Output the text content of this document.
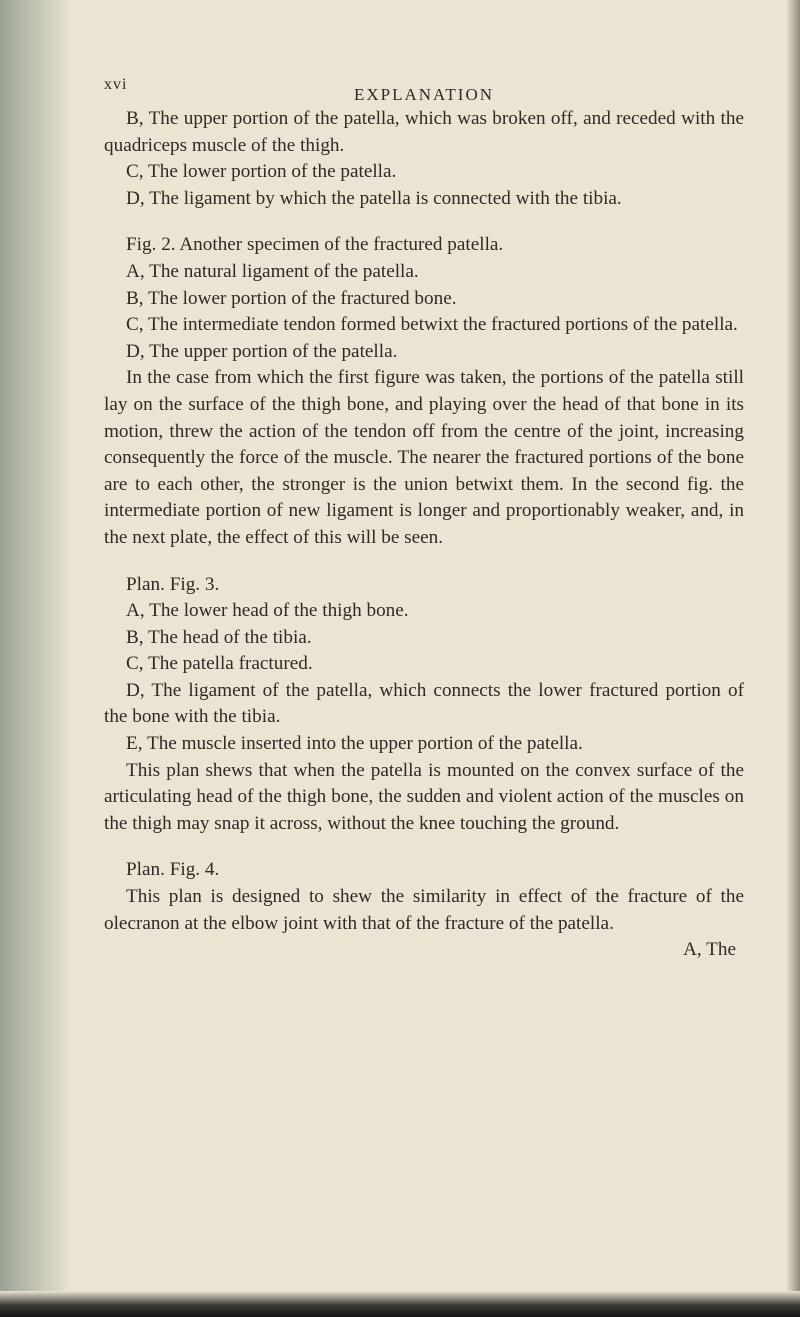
xvi
EXPLANATION

B, The upper portion of the patella, which was broken off, and receded with the quadriceps muscle of the thigh.

C, The lower portion of the patella.

D, The ligament by which the patella is connected with the tibia.

Fig. 2. Another specimen of the fractured patella.

A, The natural ligament of the patella.

B, The lower portion of the fractured bone.

C, The intermediate tendon formed betwixt the fractured portions of the patella.

D, The upper portion of the patella.

In the case from which the first figure was taken, the portions of the patella still lay on the surface of the thigh bone, and playing over the head of that bone in its motion, threw the action of the tendon off from the centre of the joint, increasing consequently the force of the muscle. The nearer the fractured portions of the bone are to each other, the stronger is the union betwixt them. In the second fig. the intermediate portion of new ligament is longer and proportionably weaker, and, in the next plate, the effect of this will be seen.

Plan. Fig. 3.

A, The lower head of the thigh bone.

B, The head of the tibia.

C, The patella fractured.

D, The ligament of the patella, which connects the lower fractured portion of the bone with the tibia.

E, The muscle inserted into the upper portion of the patella.

This plan shews that when the patella is mounted on the convex surface of the articulating head of the thigh bone, the sudden and violent action of the muscles on the thigh may snap it across, without the knee touching the ground.

Plan. Fig. 4.

This plan is designed to shew the similarity in effect of the fracture of the olecranon at the elbow joint with that of the fracture of the patella.

A, The
